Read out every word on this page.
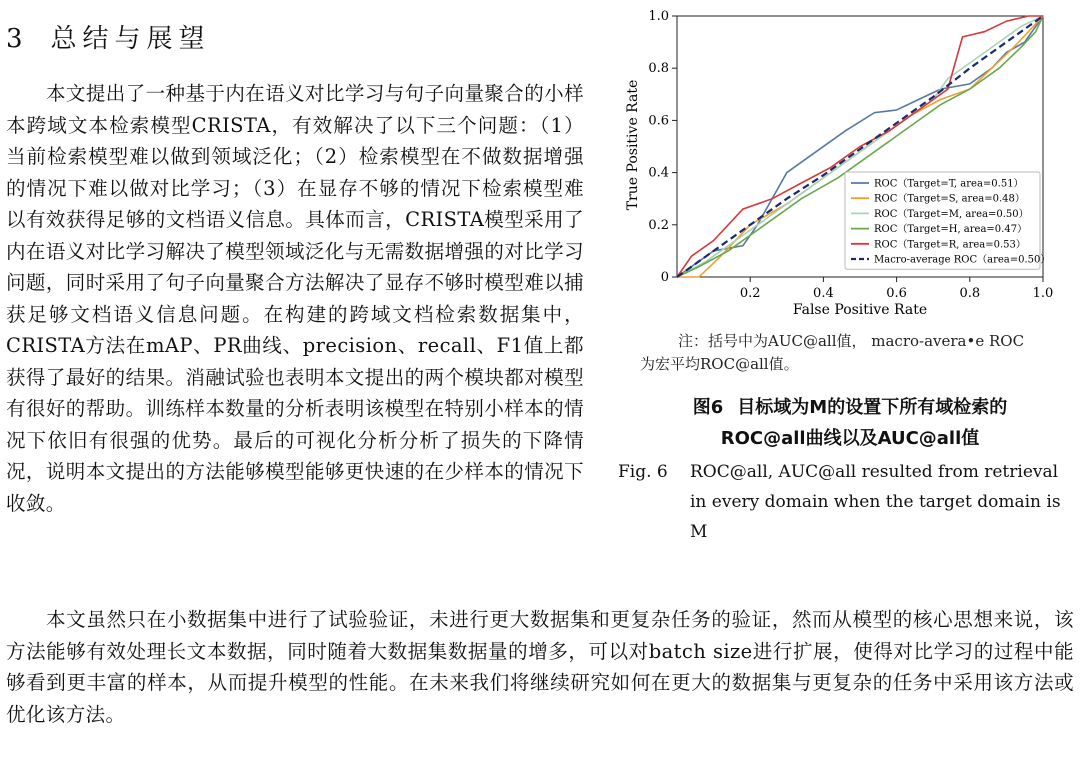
3 总结与展望

本文提出了一种基于内在语义对比学习与句子向量聚合的小样本跨域文本检索模型CRISTA，有效解决了以下三个问题：（1）当前检索模型难以做到领域泛化；（2）检索模型在不做数据增强的情况下难以做对比学习；（3）在显存不够的情况下检索模型难以有效获得足够的文档语义信息。具体而言，CRISTA模型采用了内在语义对比学习解决了模型领域泛化与无需数据增强的对比学习问题，同时采用了句子向量聚合方法解决了显存不够时模型难以捕获足够文档语义信息问题。在构建的跨域文档检索数据集中，CRISTA方法在mAP、PR曲线、precision、recall、F1值上都获得了最好的结果。消融试验也表明本文提出的两个模块都对模型有很好的帮助。训练样本数量的分析表明该模型在特别小样本的情况下依旧有很强的优势。最后的可视化分析分析了损失的下降情况，说明本文提出的方法能够模型能够更快速的在少样本的情况下收敛。

0.2	0.4	0.6	0.8	1.0
0
0.2
0.4
0.6
0.8
1.0
ROC（Target=T, area=0.51）
ROC（Target=S, area=0.48）
ROC（Target=M, area=0.50）
ROC（Target=H, area=0.47）
ROC（Target=R, area=0.53）
Macro-average ROC（area=0.50）
False Positive Rate
True Positive Rate
注：括号中为AUC@all值， macro-avera•e ROC
为宏平均ROC@all值。
图6 目标域为M的设置下所有域检索的
ROC@all曲线以及AUC@all值
Fig. 6 ROC@all, AUC@all resulted from retrieval
in every domain when the target domain is M

本文虽然只在小数据集中进行了试验验证，未进行更大数据集和更复杂任务的验证，然而从模型的核心思想来说，该方法能够有效处理长文本数据，同时随着大数据集数据量的增多，可以对batch size进行扩展，使得对比学习的过程中能够看到更丰富的样本，从而提升模型的性能。在未来我们将继续研究如何在更大的数据集与更复杂的任务中采用该方法或优化该方法。
